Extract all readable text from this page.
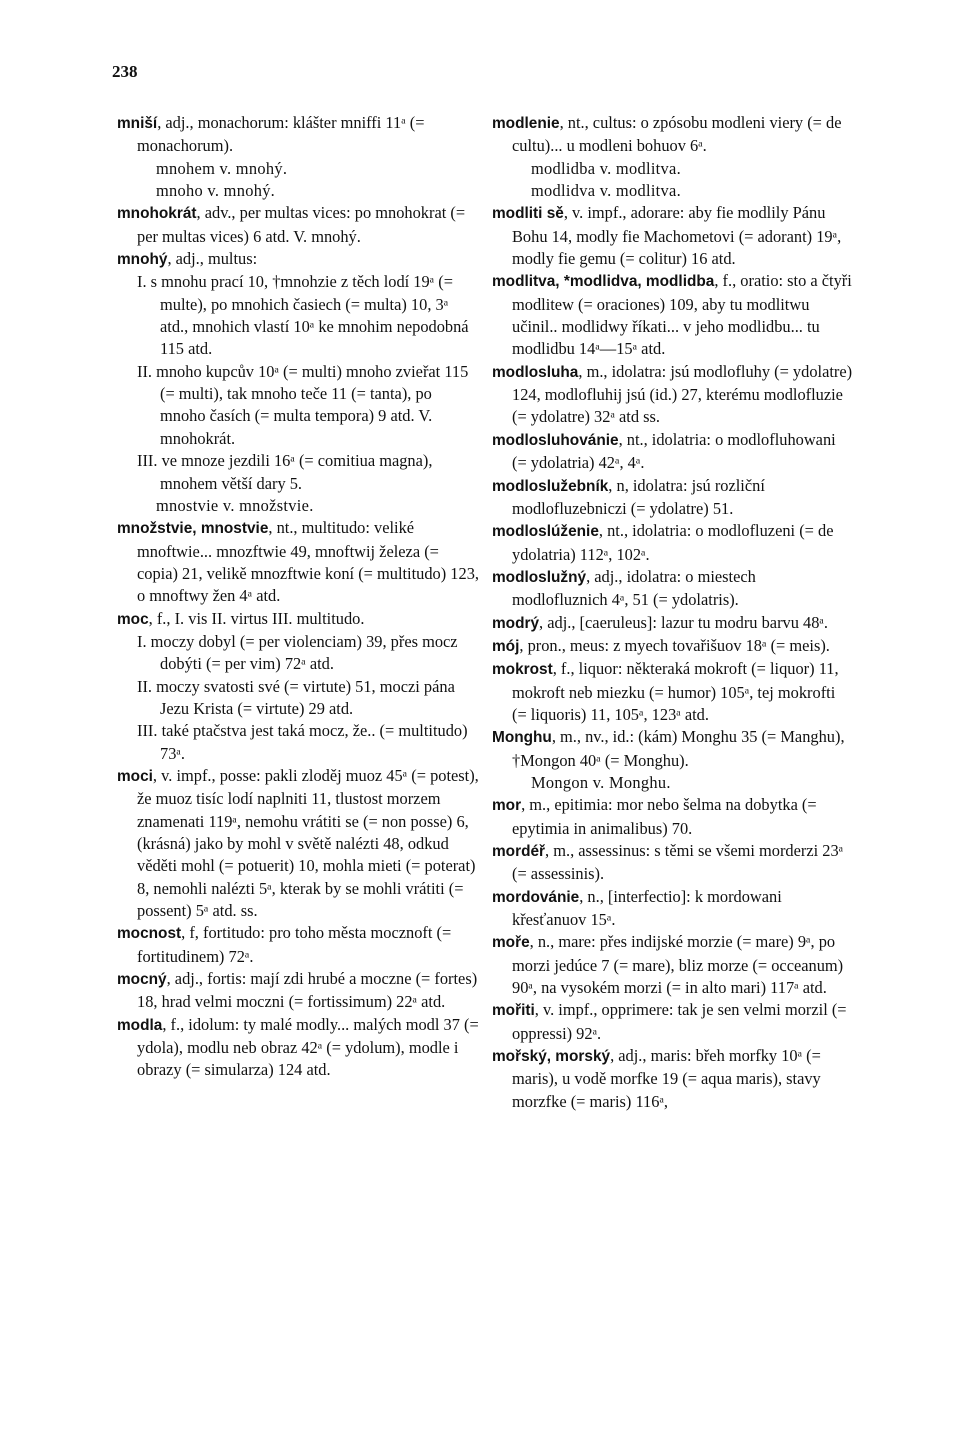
238

mniší, adj., monachorum: klášter mniffi 11ᵃ (= monachorum).

mnohem v. mnohý.

mnoho v. mnohý.

mnohokrát, adv., per multas vices: po mnohokrat (= per multas vices) 6 atd. V. mnohý.

mnohý, adj., multus:

I. s mnohu prací 10, †mnohzie z těch lodí 19ᵃ (= multe), po mnohich časiech (= multa) 10, 3ᵃ atd., mnohich vlastí 10ᵃ ke mnohim nepodobná 115 atd.

II. mnoho kupcův 10ᵃ (= multi) mnoho zvieřat 115 (= multi), tak mnoho teče 11 (= tanta), po mnoho časích (= multa tempora) 9 atd. V. mnohokrát.

III. ve mnoze jezdili 16ᵃ (= comitiua magna), mnohem větší dary 5.

mnostvie v. množstvie.

množstvie, mnostvie, nt., multitudo: veliké mnoftwie... mnozftwie 49, mnoftwij železa (= copia) 21, velikě mnozftwie koní (= multitudo) 123, o mnoftwy žen 4ᵃ atd.

moc, f., I. vis II. virtus III. multitudo.

I. moczy dobyl (= per violenciam) 39, přes mocz dobýti (= per vim) 72ᵃ atd.

II. moczy svatosti své (= virtute) 51, moczi pána Jezu Krista (= virtute) 29 atd.

III. také ptačstva jest taká mocz, že.. (= multitudo) 73ᵃ.

moci, v. impf., posse: pakli zloděj muoz 45ᵃ (= potest), že muoz tisíc lodí naplniti 11, tlustost morzem znamenati 119ᵃ, nemohu vrátiti se (= non posse) 6, (krásná) jako by mohl v světě nalézti 48, odkud věděti mohl (= potuerit) 10, mohla mieti (= poterat) 8, nemohli nalézti 5ᵃ, kterak by se mohli vrátiti (= possent) 5ᵃ atd. ss.

mocnost, f, fortitudo: pro toho města mocznoft (= fortitudinem) 72ᵃ.

mocný, adj., fortis: mají zdi hrubé a moczne (= fortes) 18, hrad velmi moczni (= fortissimum) 22ᵃ atd.

modla, f., idolum: ty malé modly... malých modl 37 (= ydola), modlu neb obraz 42ᵃ (= ydolum), modle i obrazy (= simularza) 124 atd.

modlenie, nt., cultus: o zpósobu modleni viery (= de cultu)... u modleni bohuov 6ᵃ.

modlidba v. modlitva.

modlidva v. modlitva.

modliti sě, v. impf., adorare: aby fie modlily Pánu Bohu 14, modly fie Machometovi (= adorant) 19ᵃ, modly fie gemu (= colitur) 16 atd.

modlitva, *modlidva, modlidba, f., oratio: sto a čtyři modlitew (= oraciones) 109, aby tu modlitwu učinil.. modlidwy říkati... v jeho modlidbu... tu modlidbu 14ᵃ—15ᵃ atd.

modlosluha, m., idolatra: jsú modlofluhy (= ydolatre) 124, modlofluhij jsú (id.) 27, kterému modlofluzie (= ydolatre) 32ᵃ atd ss.

modlosluhovánie, nt., idolatria: o modlofluhowani (= ydolatria) 42ᵃ, 4ᵃ.

modloslužebník, n, idolatra: jsú rozliční modlofluzebniczi (= ydolatre) 51.

modloslúženie, nt., idolatria: o modlofluzeni (= de ydolatria) 112ᵃ, 102ᵃ.

modloslužný, adj., idolatra: o miestech modlofluznich 4ᵃ, 51 (= ydolatris).

modrý, adj., [caeruleus]: lazur tu modru barvu 48ᵃ.

mój, pron., meus: z myech tovařišuov 18ᵃ (= meis).

mokrost, f., liquor: některaká mokroft (= liquor) 11, mokroft neb miezku (= humor) 105ᵃ, tej mokrofti (= liquoris) 11, 105ᵃ, 123ᵃ atd.

Monghu, m., nv., id.: (kám) Monghu 35 (= Manghu), †Mongon 40ᵃ (= Monghu).

Mongon v. Monghu.

mor, m., epitimia: mor nebo šelma na dobytka (= epytimia in animalibus) 70.

mordéř, m., assessinus: s těmi se všemi morderzi 23ᵃ (= assessinis).

mordovánie, n., [interfectio]: k mordowani křesťanuov 15ᵃ.

moře, n., mare: přes indijské morzie (= mare) 9ᵃ, po morzi jedúce 7 (= mare), bliz morze (= occeanum) 90ᵃ, na vysokém morzi (= in alto mari) 117ᵃ atd.

mořiti, v. impf., opprimere: tak je sen velmi morzil (= oppressi) 92ᵃ.

mořský, morský, adj., maris: břeh morfky 10ᵃ (= maris), u vodě morfke 19 (= aqua maris), stavy morzfke (= maris) 116ᵃ,
